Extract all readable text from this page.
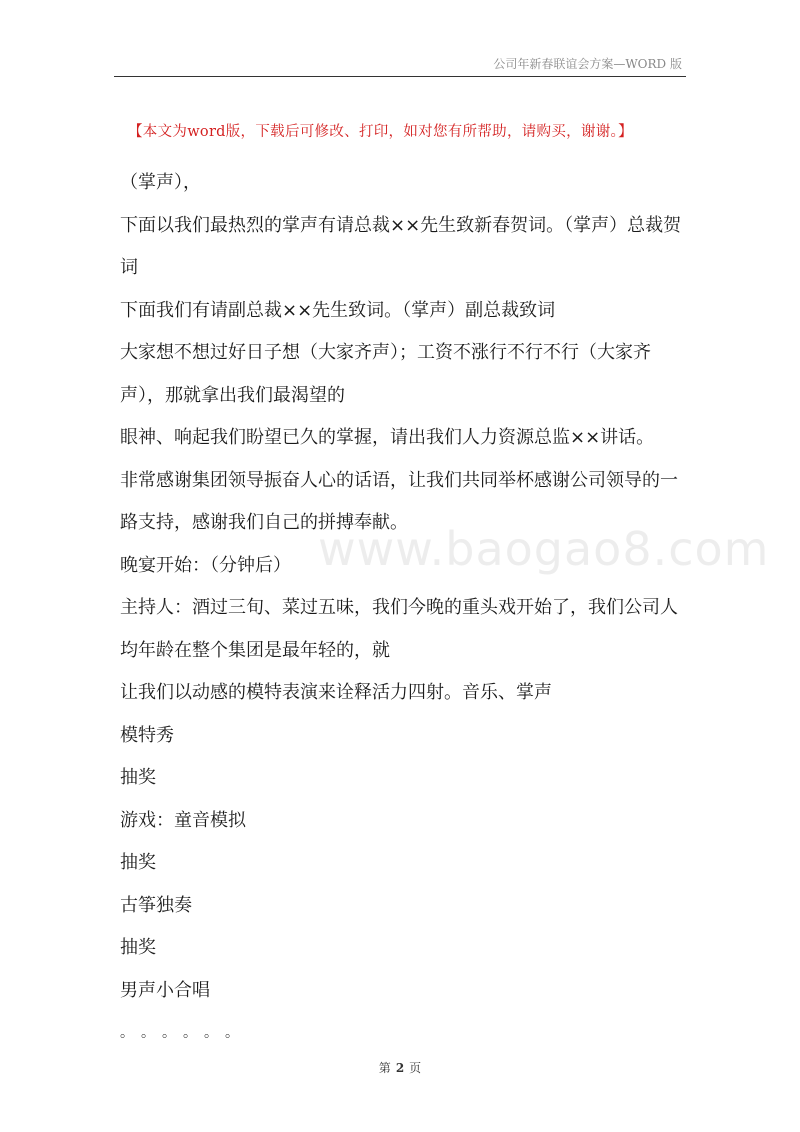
公司年新春联谊会方案—WORD 版
【本文为word版，下载后可修改、打印，如对您有所帮助，请购买，谢谢。】
www.baogao8.com

（掌声），

下面以我们最热烈的掌声有请总裁××先生致新春贺词。（掌声）总裁贺词

下面我们有请副总裁××先生致词。（掌声）副总裁致词

大家想不想过好日子想（大家齐声）；工资不涨行不行不行（大家齐声），那就拿出我们最渴望的

眼神、响起我们盼望已久的掌握，请出我们人力资源总监××讲话。

非常感谢集团领导振奋人心的话语，让我们共同举杯感谢公司领导的一路支持，感谢我们自己的拼搏奉献。

晚宴开始：（分钟后）

主持人：酒过三旬、菜过五味，我们今晚的重头戏开始了，我们公司人均年龄在整个集团是最年轻的，就

让我们以动感的模特表演来诠释活力四射。音乐、掌声

模特秀

抽奖

游戏：童音模拟

抽奖

古筝独奏

抽奖

男声小合唱

。。。。。。

第 2 页
